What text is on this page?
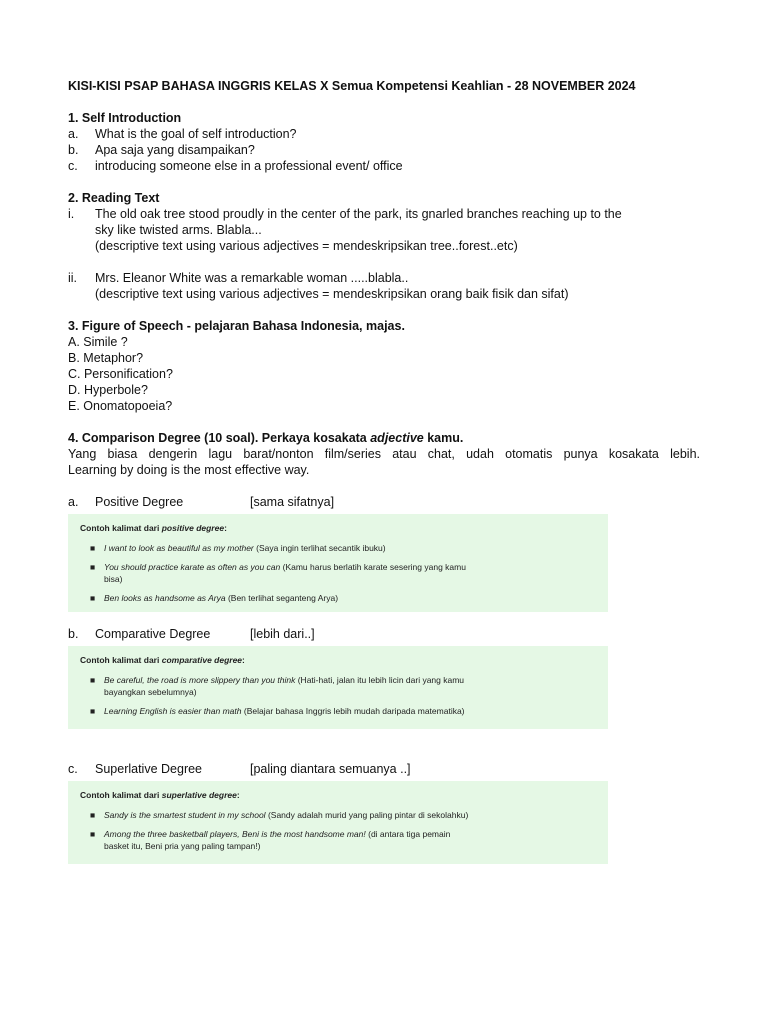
KISI-KISI PSAP BAHASA INGGRIS KELAS X Semua Kompetensi Keahlian - 28 NOVEMBER 2024
1. Self Introduction
a. What is the goal of self introduction?
b. Apa saja yang disampaikan?
c. introducing someone else in a professional event/ office
2. Reading Text
i. The old oak tree stood proudly in the center of the park, its gnarled branches reaching up to the
sky like twisted arms. Blabla...
(descriptive text using various adjectives = mendeskripsikan tree..forest..etc)
ii. Mrs. Eleanor White was a remarkable woman .....blabla..
(descriptive text using various adjectives = mendeskripsikan orang baik fisik dan sifat)
3. Figure of Speech - pelajaran Bahasa Indonesia, majas.
A. Simile ?
B. Metaphor?
C. Personification?
D. Hyperbole?
E. Onomatopoeia?
4. Comparison Degree (10 soal). Perkaya kosakata adjective kamu.
Yang biasa dengerin lagu barat/nonton film/series atau chat, udah otomatis punya kosakata lebih.
Learning by doing is the most effective way.
a. Positive Degree	[sama sifatnya]
Contoh kalimat dari positive degree:
■ I want to look as beautiful as my mother (Saya ingin terlihat secantik ibuku)
■ You should practice karate as often as you can (Kamu harus berlatih karate sesering yang kamu bisa)
■ Ben looks as handsome as Arya (Ben terlihat seganteng Arya)
b. Comparative Degree	[lebih dari..]
Contoh kalimat dari comparative degree:
■ Be careful, the road is more slippery than you think (Hati-hati, jalan itu lebih licin dari yang kamu bayangkan sebelumnya)
■ Learning English is easier than math (Belajar bahasa Inggris lebih mudah daripada matematika)
c. Superlative Degree	[paling diantara semuanya ..]
Contoh kalimat dari superlative degree:
■ Sandy is the smartest student in my school (Sandy adalah murid yang paling pintar di sekolahku)
■ Among the three basketball players, Beni is the most handsome man! (di antara tiga pemain basket itu, Beni pria yang paling tampan!)
